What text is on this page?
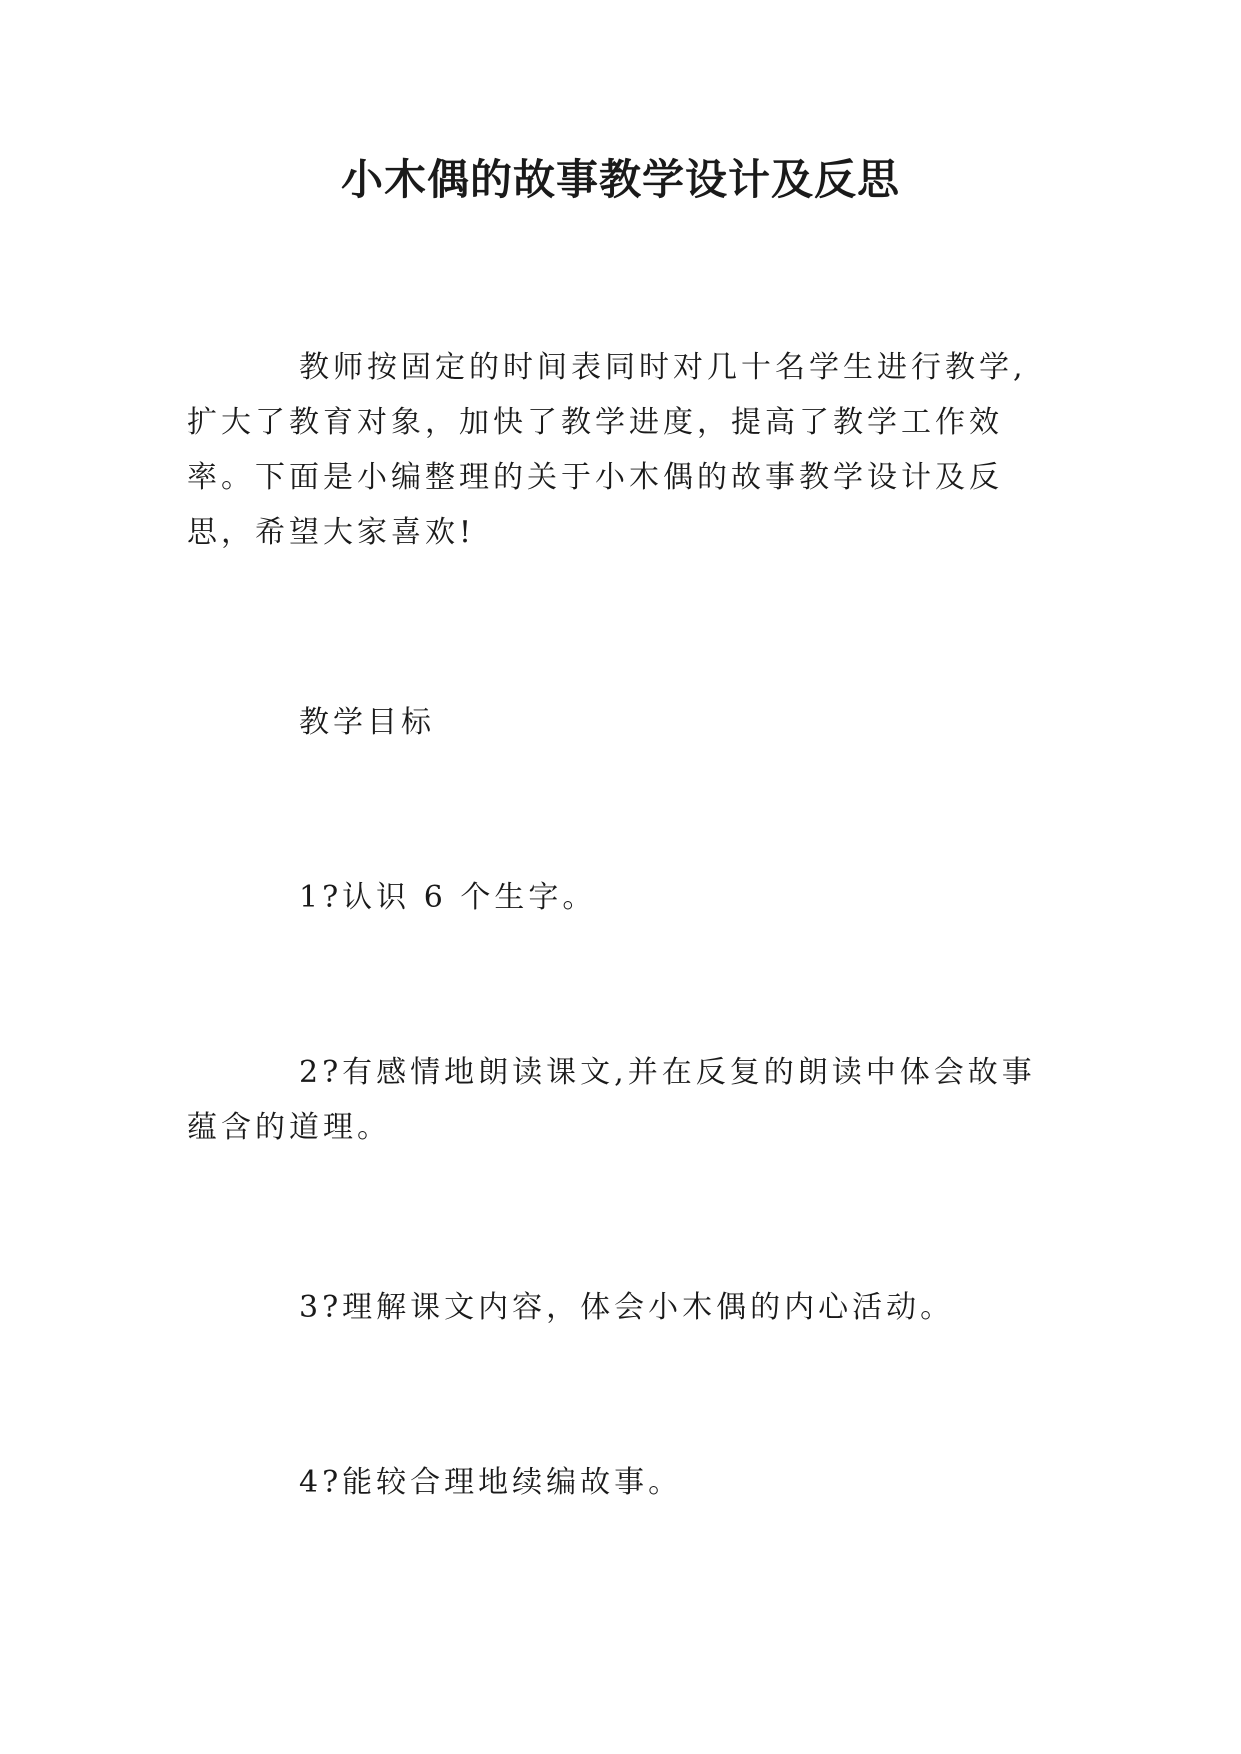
小木偶的故事教学设计及反思

教师按固定的时间表同时对几十名学生进行教学,扩大了教育对象，加快了教学进度，提高了教学工作效率。下面是小编整理的关于小木偶的故事教学设计及反思，希望大家喜欢!

教学目标

1?认识 6 个生字。

2?有感情地朗读课文,并在反复的朗读中体会故事蕴含的道理。

3?理解课文内容，体会小木偶的内心活动。

4?能较合理地续编故事。
